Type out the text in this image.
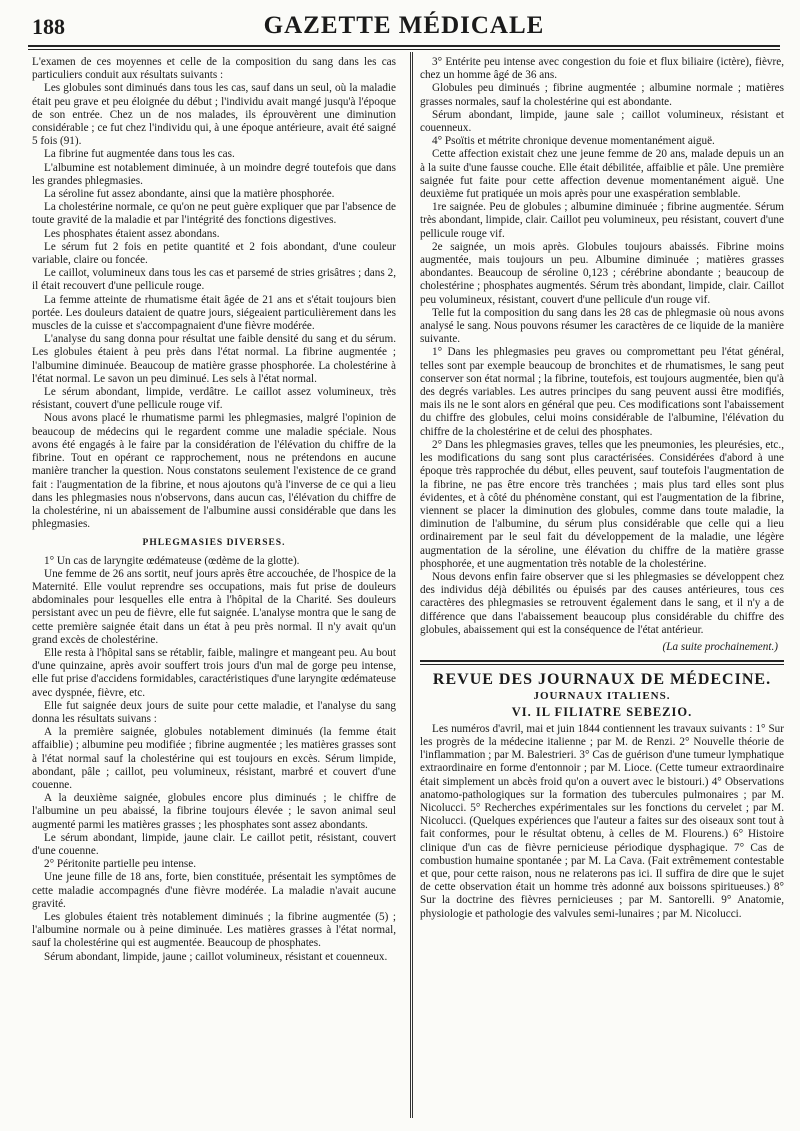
188	GAZETTE MÉDICALE

L'examen de ces moyennes et celle de la composition du sang dans les cas particuliers conduit aux résultats suivants :

Les globules sont diminués dans tous les cas, sauf dans un seul, où la maladie était peu grave et peu éloignée du début ; l'individu avait mangé jusqu'à l'époque de son entrée. Chez un de nos malades, ils éprouvèrent une diminution considérable ; ce fut chez l'individu qui, à une époque antérieure, avait été saigné 5 fois (91).

La fibrine fut augmentée dans tous les cas.

L'albumine est notablement diminuée, à un moindre degré toutefois que dans les grandes phlegmasies.

La séroline fut assez abondante, ainsi que la matière phosphorée.

La cholestérine normale, ce qu'on ne peut guère expliquer que par l'absence de toute gravité de la maladie et par l'intégrité des fonctions digestives.

Les phosphates étaient assez abondans.

Le sérum fut 2 fois en petite quantité et 2 fois abondant, d'une couleur variable, claire ou foncée.

Le caillot, volumineux dans tous les cas et parsemé de stries grisâtres ; dans 2, il était recouvert d'une pellicule rouge.

La femme atteinte de rhumatisme était âgée de 21 ans et s'était toujours bien portée. Les douleurs dataient de quatre jours, siégeaient particulièrement dans les muscles de la cuisse et s'accompagnaient d'une fièvre modérée.

L'analyse du sang donna pour résultat une faible densité du sang et du sérum. Les globules étaient à peu près dans l'état normal. La fibrine augmentée ; l'albumine diminuée. Beaucoup de matière grasse phosphorée. La cholestérine à l'état normal. Le savon un peu diminué. Les sels à l'état normal.

Le sérum abondant, limpide, verdâtre. Le caillot assez volumineux, très résistant, couvert d'une pellicule rouge vif.

Nous avons placé le rhumatisme parmi les phlegmasies, malgré l'opinion de beaucoup de médecins qui le regardent comme une maladie spéciale. Nous avons été engagés à le faire par la considération de l'élévation du chiffre de la fibrine. Tout en opérant ce rapprochement, nous ne prétendons en aucune manière trancher la question. Nous constatons seulement l'existence de ce grand fait : l'augmentation de la fibrine, et nous ajoutons qu'à l'inverse de ce qui a lieu dans les phlegmasies nous n'observons, dans aucun cas, l'élévation du chiffre de la cholestérine, ni un abaissement de l'albumine aussi considérable que dans les phlegmasies.

PHLEGMASIES DIVERSES.

1° Un cas de laryngite œdémateuse (œdème de la glotte).

Une femme de 26 ans sortit, neuf jours après être accouchée, de l'hospice de la Maternité. Elle voulut reprendre ses occupations, mais fut prise de douleurs abdominales pour lesquelles elle entra à l'hôpital de la Charité. Ses douleurs persistant avec un peu de fièvre, elle fut saignée. L'analyse montra que le sang de cette première saignée était dans un état à peu près normal. Il n'y avait qu'un grand excès de cholestérine.

Elle resta à l'hôpital sans se rétablir, faible, malingre et mangeant peu. Au bout d'une quinzaine, après avoir souffert trois jours d'un mal de gorge peu intense, elle fut prise d'accidens formidables, caractéristiques d'une laryngite œdémateuse avec dyspnée, fièvre, etc.

Elle fut saignée deux jours de suite pour cette maladie, et l'analyse du sang donna les résultats suivans :

A la première saignée, globules notablement diminués (la femme était affaiblie) ; albumine peu modifiée ; fibrine augmentée ; les matières grasses sont à l'état normal sauf la cholestérine qui est toujours en excès. Sérum limpide, abondant, pâle ; caillot, peu volumineux, résistant, marbré et couvert d'une couenne.

A la deuxième saignée, globules encore plus diminués ; le chiffre de l'albumine un peu abaissé, la fibrine toujours élevée ; le savon animal seul augmenté parmi les matières grasses ; les phosphates sont assez abondants.

Le sérum abondant, limpide, jaune clair. Le caillot petit, résistant, couvert d'une couenne.

2° Péritonite partielle peu intense.

Une jeune fille de 18 ans, forte, bien constituée, présentait les symptômes de cette maladie accompagnés d'une fièvre modérée. La maladie n'avait aucune gravité.

Les globules étaient très notablement diminués ; la fibrine augmentée (5) ; l'albumine normale ou à peine diminuée. Les matières grasses à l'état normal, sauf la cholestérine qui est augmentée. Beaucoup de phosphates.

Sérum abondant, limpide, jaune ; caillot volumineux, résistant et couenneux.

3° Entérite peu intense avec congestion du foie et flux biliaire (ictère), fièvre, chez un homme âgé de 36 ans.

Globules peu diminués ; fibrine augmentée ; albumine normale ; matières grasses normales, sauf la cholestérine qui est abondante.

Sérum abondant, limpide, jaune sale ; caillot volumineux, résistant et couenneux.

4° Psoïtis et métrite chronique devenue momentanément aiguë.

Cette affection existait chez une jeune femme de 20 ans, malade depuis un an à la suite d'une fausse couche. Elle était débilitée, affaiblie et pâle. Une première saignée fut faite pour cette affection devenue momentanément aiguë. Une deuxième fut pratiquée un mois après pour une exaspération semblable.

1re saignée. Peu de globules ; albumine diminuée ; fibrine augmentée. Sérum très abondant, limpide, clair. Caillot peu volumineux, peu résistant, couvert d'une pellicule rouge vif.

2e saignée, un mois après. Globules toujours abaissés. Fibrine moins augmentée, mais toujours un peu. Albumine diminuée ; matières grasses abondantes. Beaucoup de séroline 0,123 ; cérébrine abondante ; beaucoup de cholestérine ; phosphates augmentés. Sérum très abondant, limpide, clair. Caillot peu volumineux, résistant, couvert d'une pellicule d'un rouge vif.

Telle fut la composition du sang dans les 28 cas de phlegmasie où nous avons analysé le sang. Nous pouvons résumer les caractères de ce liquide de la manière suivante.

1° Dans les phlegmasies peu graves ou compromettant peu l'état général, telles sont par exemple beaucoup de bronchites et de rhumatismes, le sang peut conserver son état normal ; la fibrine, toutefois, est toujours augmentée, bien qu'à des degrés variables. Les autres principes du sang peuvent aussi être modifiés, mais ils ne le sont alors en général que peu. Ces modifications sont l'abaissement du chiffre des globules, celui moins considérable de l'albumine, l'élévation du chiffre de la cholestérine et de celui des phosphates.

2° Dans les phlegmasies graves, telles que les pneumonies, les pleurésies, etc., les modifications du sang sont plus caractérisées. Considérées d'abord à une époque très rapprochée du début, elles peuvent, sauf toutefois l'augmentation de la fibrine, ne pas être encore très tranchées ; mais plus tard elles sont plus évidentes, et à côté du phénomène constant, qui est l'augmentation de la fibrine, viennent se placer la diminution des globules, comme dans toute maladie, la diminution de l'albumine, du sérum plus considérable que celle qui a lieu ordinairement par le seul fait du développement de la maladie, une légère augmentation de la séroline, une élévation du chiffre de la matière grasse phosphorée, et une augmentation très notable de la cholestérine.

Nous devons enfin faire observer que si les phlegmasies se développent chez des individus déjà débilités ou épuisés par des causes antérieures, tous ces caractères des phlegmasies se retrouvent également dans le sang, et il n'y a de différence que dans l'abaissement beaucoup plus considérable du chiffre des globules, abaissement qui est la conséquence de l'état antérieur.

(La suite prochainement.)
REVUE DES JOURNAUX DE MÉDECINE.
JOURNAUX ITALIENS.
VI. IL FILIATRE SEBEZIO.

Les numéros d'avril, mai et juin 1844 contiennent les travaux suivants : 1° Sur les progrès de la médecine italienne ; par M. de Renzi. 2° Nouvelle théorie de l'inflammation ; par M. Balestrieri. 3° Cas de guérison d'une tumeur lymphatique extraordinaire en forme d'entonnoir ; par M. Lioce. (Cette tumeur extraordinaire était simplement un abcès froid qu'on a ouvert avec le bistouri.) 4° Observations anatomo-pathologiques sur la formation des tubercules pulmonaires ; par M. Nicolucci. 5° Recherches expérimentales sur les fonctions du cervelet ; par M. Nicolucci. (Quelques expériences que l'auteur a faites sur des oiseaux sont tout à fait conformes, pour le résultat obtenu, à celles de M. Flourens.) 6° Histoire clinique d'un cas de fièvre pernicieuse périodique dysphagique. 7° Cas de combustion humaine spontanée ; par M. La Cava. (Fait extrêmement contestable et que, pour cette raison, nous ne relaterons pas ici. Il suffira de dire que le sujet de cette observation était un homme très adonné aux boissons spiritueuses.) 8° Sur la doctrine des fièvres pernicieuses ; par M. Santorelli. 9° Anatomie, physiologie et pathologie des valvules semi-lunaires ; par M. Nicolucci.
